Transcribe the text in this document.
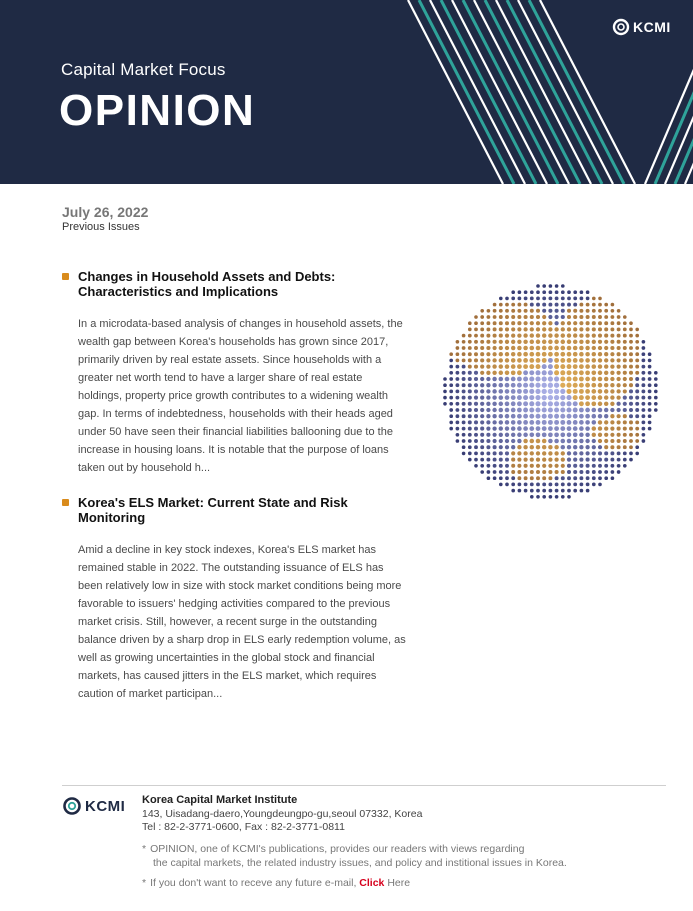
Capital Market Focus
OPINION
KCMI
July 26, 2022
Previous Issues
Changes in Household Assets and Debts:
Characteristics and Implications
In a microdata-based analysis of changes in household assets, the wealth gap between Korea's households has grown since 2017, primarily driven by real estate assets. Since households with a greater net worth tend to have a larger share of real estate holdings, property price growth contributes to a widening wealth gap. In terms of indebtedness, households with their heads aged under 50 have seen their financial liabilities ballooning due to the increase in housing loans. It is notable that the purpose of loans taken out by household h...
Korea's ELS Market: Current State and Risk
Monitoring
Amid a decline in key stock indexes, Korea's ELS market has remained stable in 2022. The outstanding issuance of ELS has been relatively low in size with stock market conditions being more favorable to issuers' hedging activities compared to the previous market crisis. Still, however, a recent surge in the outstanding balance driven by a sharp drop in ELS early redemption volume, as well as growing uncertainties in the global stock and financial markets, has caused jitters in the ELS market, which requires caution of market participan...
KCMI Korea Capital Market Institute
143, Uisadang-daero,Youngdeungpo-gu,seoul 07332, Korea
Tel : 82-2-3771-0600, Fax : 82-2-3771-0811
* OPINION, one of KCMI's publications, provides our readers with views regarding
the capital markets, the related industry issues, and policy and institional issues in Korea.
* If you don't want to receve any future e-mail, Click Here
